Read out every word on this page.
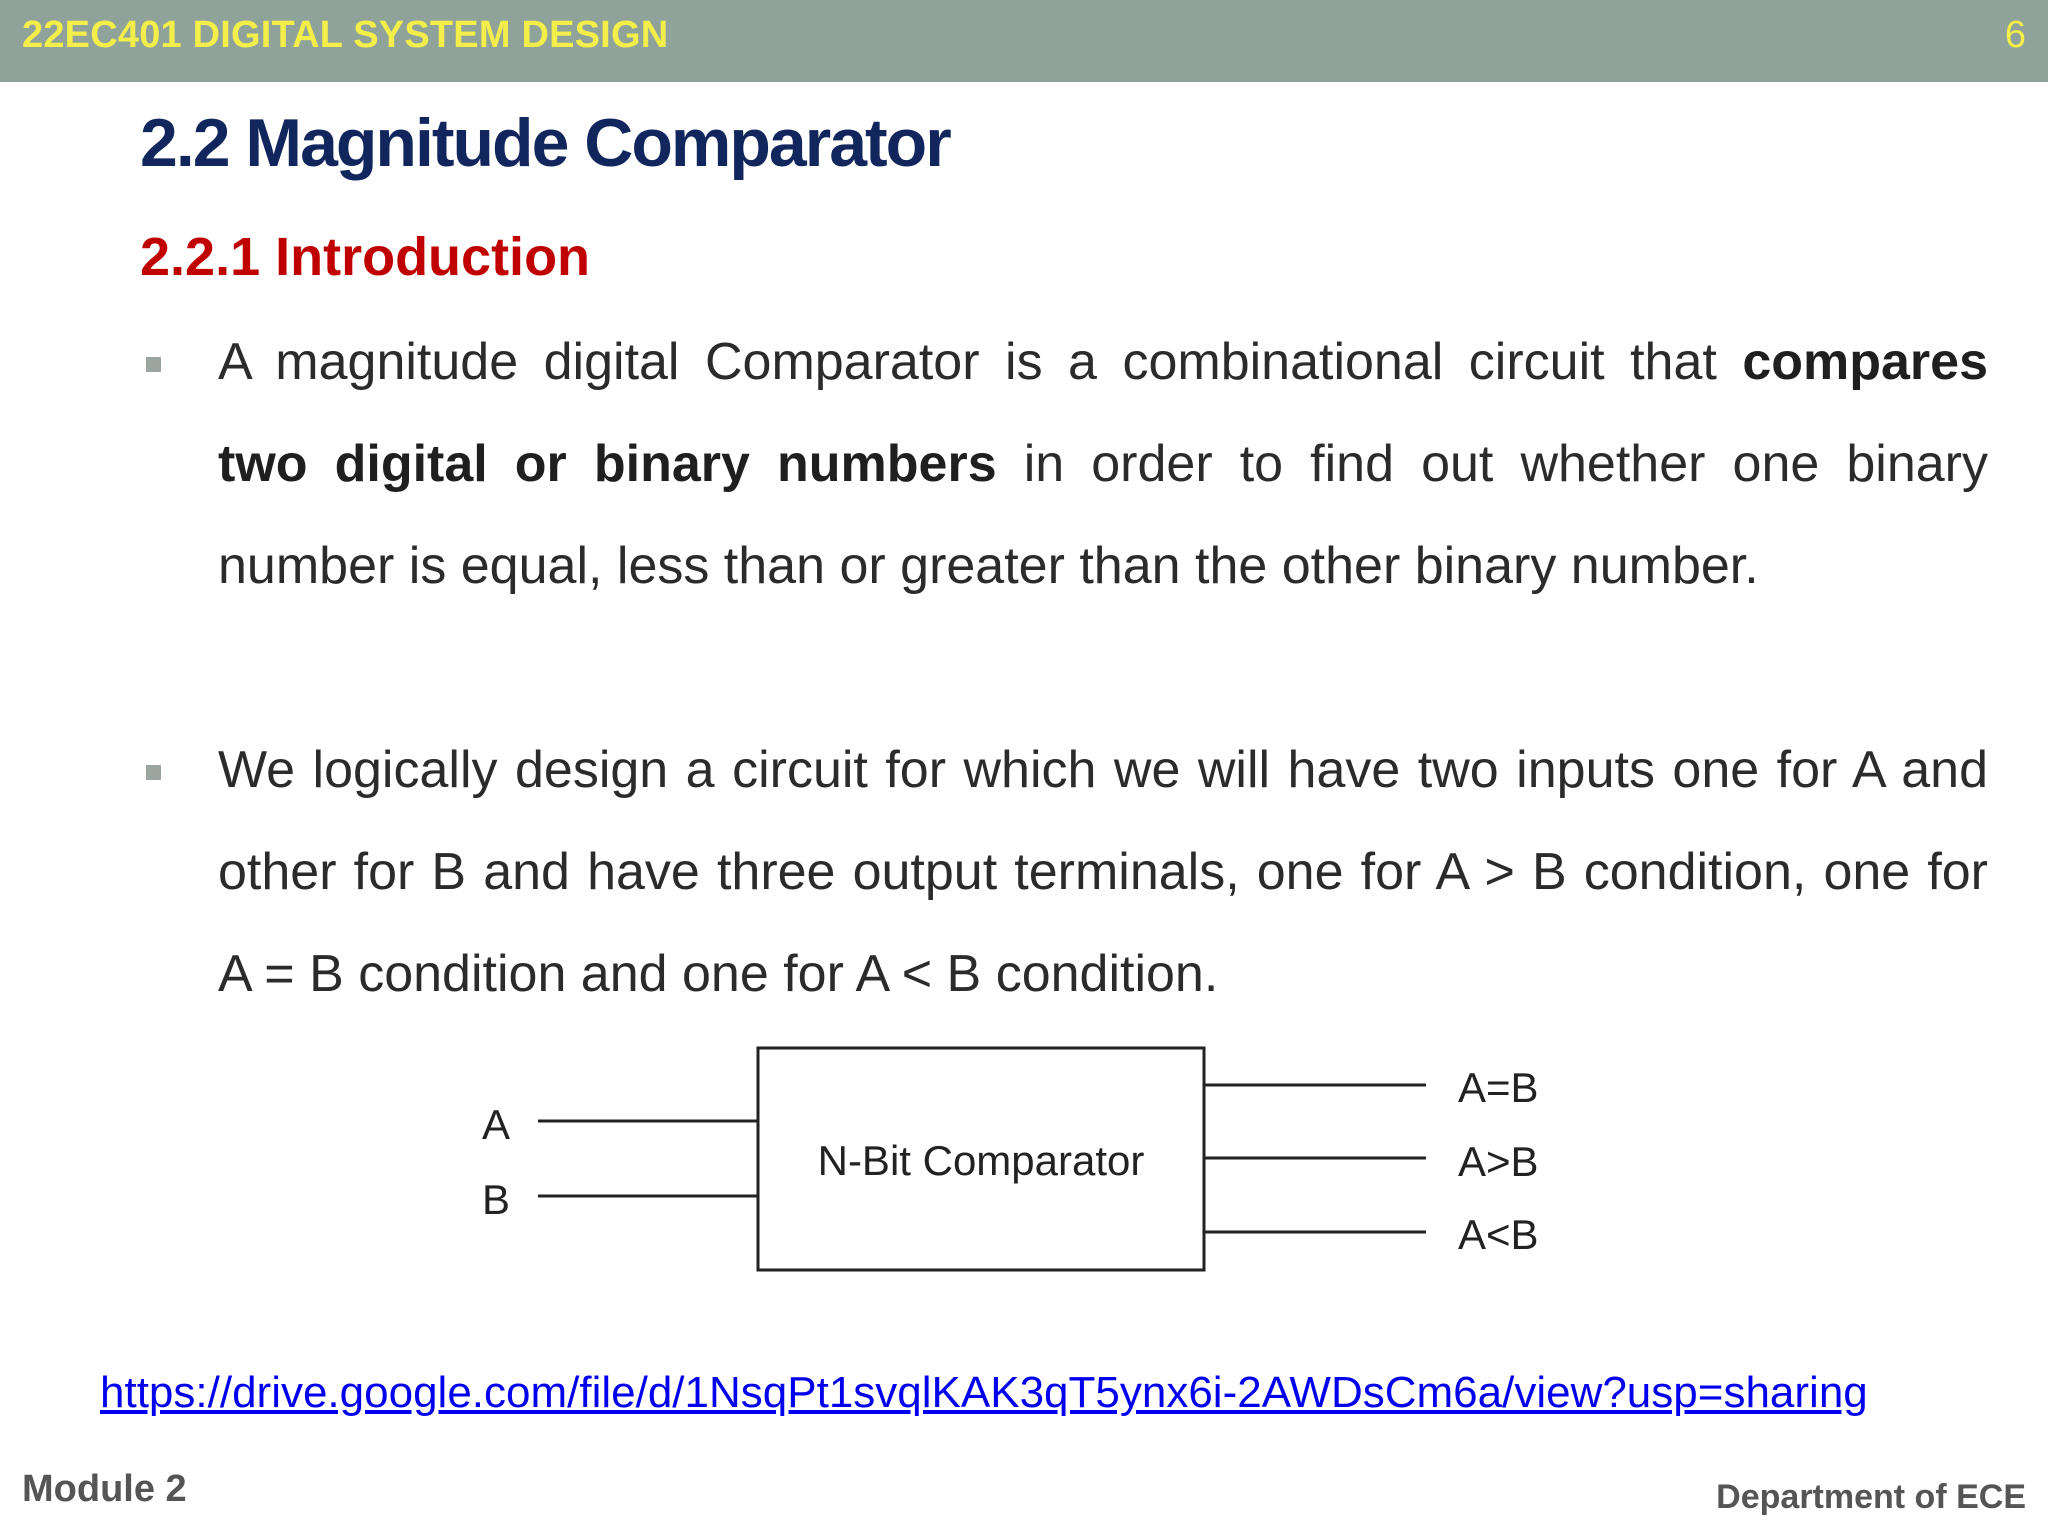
22EC401 DIGITAL SYSTEM DESIGN	6
2.2 Magnitude Comparator
2.2.1 Introduction
A magnitude digital Comparator is a combinational circuit that compares two digital or binary numbers in order to find out whether one binary number is equal, less than or greater than the other binary number.
We logically design a circuit for which we will have two inputs one for A and other for B and have three output terminals, one for A > B condition, one for A = B condition and one for A < B condition.
A
B
N-Bit Comparator
A=B
A>B
A<B
https://drive.google.com/file/d/1NsqPt1svqlKAK3qT5ynx6i-2AWDsCm6a/view?usp=sharing
Module 2	Department of ECE
